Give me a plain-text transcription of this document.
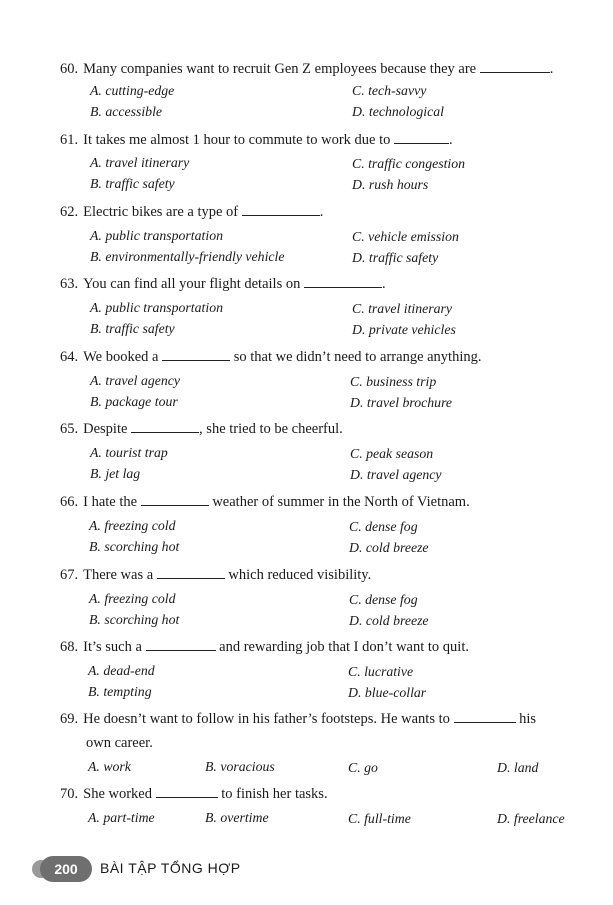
60. Many companies want to recruit Gen Z employees because they are	.
A. cutting-edge
B. accessible
C. tech-savvy
D. technological
61. It takes me almost 1 hour to commute to work due to	.
A. travel itinerary
B. traffic safety
C. traffic congestion
D. rush hours
62. Electric bikes are a type of	.
A. public transportation
B. environmentally-friendly vehicle
C. vehicle emission
D. traffic safety
63. You can find all your flight details on	.
A. public transportation
B. traffic safety
C. travel itinerary
D. private vehicles
64. We booked a	so that we didn’t need to arrange anything.
A. travel agency
B. package tour
C. business trip
D. travel brochure
65. Despite	, she tried to be cheerful.
A. tourist trap
B. jet lag
C. peak season
D. travel agency
66. I hate the	weather of summer in the North of Vietnam.
A. freezing cold
B. scorching hot
C. dense fog
D. cold breeze
67. There was a	which reduced visibility.
A. freezing cold
B. scorching hot
C. dense fog
D. cold breeze
68. It’s such a	and rewarding job that I don’t want to quit.
A. dead-end
B. tempting
C. lucrative
D. blue-collar
69. He doesn’t want to follow in his father’s footsteps. He wants to	his
own career.
A. work	B. voracious	C. go	D. land
70. She worked	to finish her tasks.
A. part-time	B. overtime	C. full-time	D. freelance
200	BÀI TẬP TỔNG HỢP
